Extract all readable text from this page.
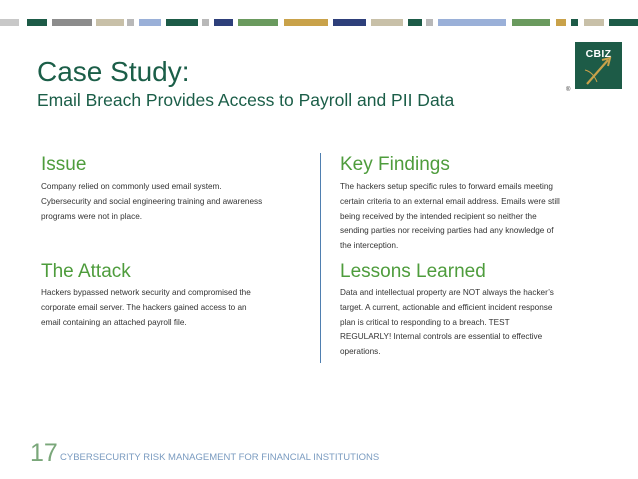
Case Study:
Email Breach Provides Access to Payroll and PII Data
CBIZ
®
Issue
Company relied on commonly used email system.
Cybersecurity and social engineering training and awareness
programs were not in place.
Key Findings
The hackers setup specific rules to forward emails meeting
certain criteria to an external email address. Emails were still
being received by the intended recipient so neither the
sending parties nor receiving parties had any knowledge of
the interception.
The Attack
Hackers bypassed network security and compromised the
corporate email server. The hackers gained access to an
email containing an attached payroll file.
Lessons Learned
Data and intellectual property are NOT always the hacker’s
target. A current, actionable and efficient incident response
plan is critical to responding to a breach. TEST
REGULARLY! Internal controls are essential to effective
operations.
17 CYBERSECURITY RISK MANAGEMENT FOR FINANCIAL INSTITUTIONS
